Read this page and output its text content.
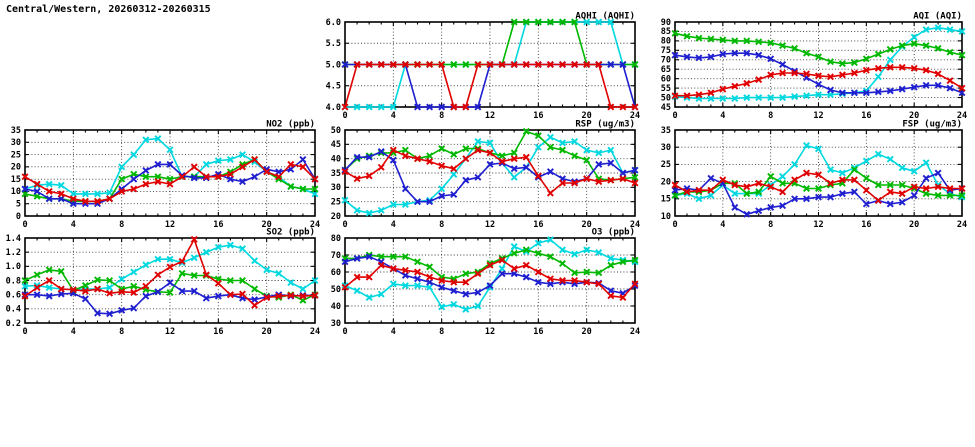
Central/Western, 20260312-20260315
4.0
4.5
5.0
5.5
6.0
0	4	8	12	16	20	24
AQHI (AQHI)
45
50
55
60
65
70
75
80
85
90
0	4	8	12	16	20	24
AQI (AQI)
0
5
10
15
20
25
30
35
0	4	8	12	16	20	24
NO2 (ppb)
20
25
30
35
40
45
50
0	4	8	12	16	20	24
RSP (ug/m3)
10
15
20
25
30
35
0	4	8	12	16	20	24
FSP (ug/m3)
0.2
0.4
0.6
0.8
1.0
1.2
1.4
0	4	8	12	16	20	24
SO2 (ppb)
30
40
50
60
70
80
0	4	8	12	16	20	24
O3 (ppb)
